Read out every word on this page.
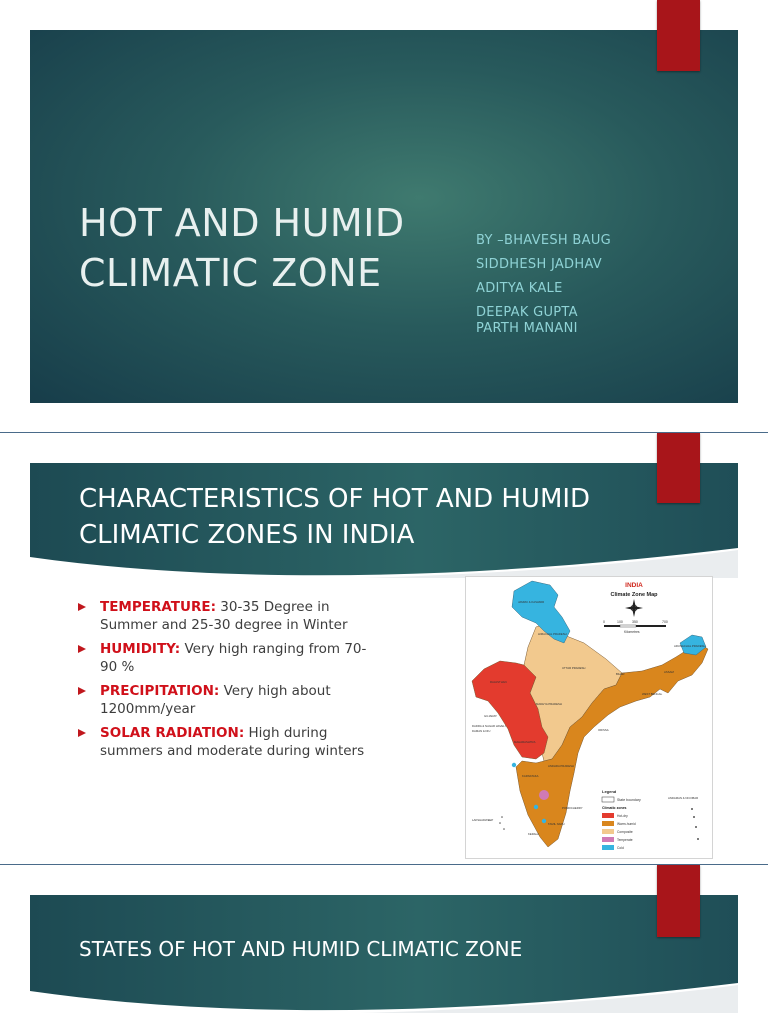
HOT AND HUMID
CLIMATIC ZONE
BY –BHAVESH BAUG
SIDDHESH JADHAV
ADITYA KALE
DEEPAK GUPTA
PARTH MANANI
CHARACTERISTICS OF HOT AND HUMID CLIMATIC ZONES IN INDIA
TEMPERATURE: 30-35 Degree in Summer and 25-30 degree in Winter
HUMIDITY: Very high ranging from 70-90 %
PRECIPITATION: Very high about 1200mm/year
SOLAR RADIATION: High during summers and moderate during winters
INDIA
Climate Zone Map
0	100	350	700
Kilometres
JAMMU & KASHMIR
HIMACHAL PRADESH
UTTAR PRADESH
RAJASTHAN
MADHYA PRADESH
GUJARAT
MAHARASHTRA
DADRA & NAGAR HAVELI
DAMAN & DIU
ANDHRA PRADESH
KARNATAKA
TAMIL NADU
KERALA
PONDICHERRY
ORISSA
BIHAR
WEST BENGAL
ASSAM
ARUNACHAL PRADESH
LAKSHADWEEP
ANDAMAN & NICOBAR
Legend
State boundary
Climatic zones
Hot-dry
Warm-humid
Composite
Temperate
Cold
STATES OF HOT AND HUMID CLIMATIC ZONE
